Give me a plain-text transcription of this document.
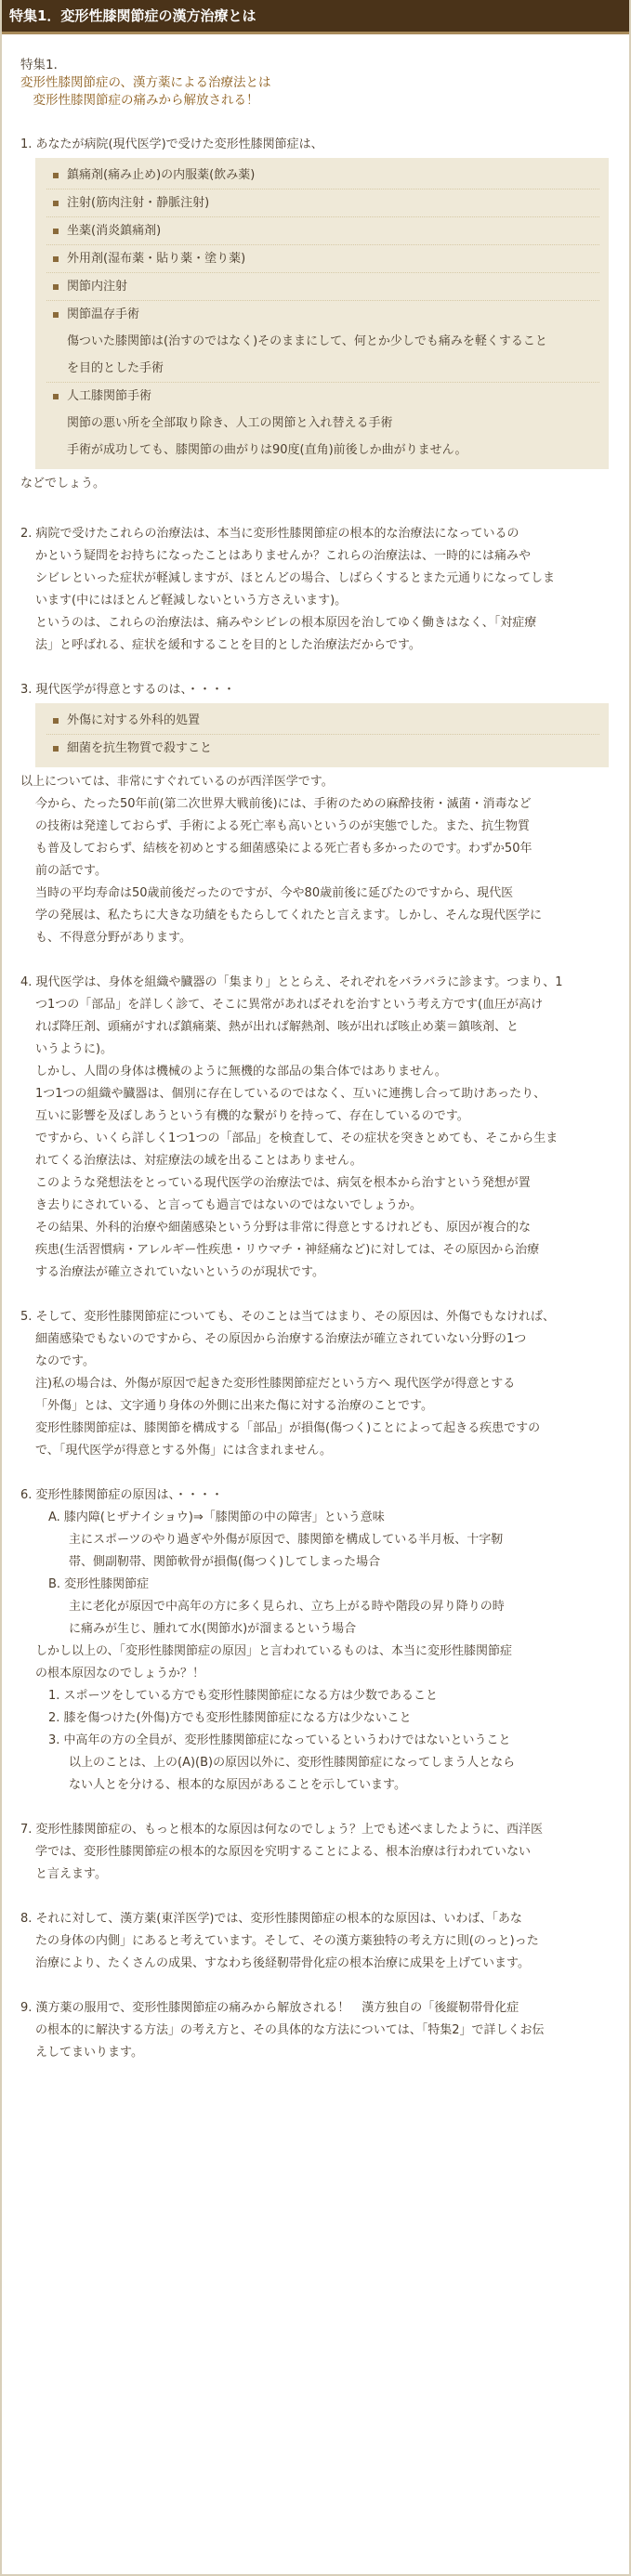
特集1．変形性膝関節症の漢方治療とは
特集1．
変形性膝関節症の、漢方薬による治療法とは
　変形性膝関節症の痛みから解放される！

1. あなたが病院(現代医学)で受けた変形性膝関節症は、

鎮痛剤(痛み止め)の内服薬(飲み薬)
注射(筋肉注射・静脈注射)
坐薬(消炎鎮痛剤)
外用剤(湿布薬・貼り薬・塗り薬)
関節内注射
関節温存手術
傷ついた膝関節は(治すのではなく)そのままにして、何とか少しでも痛みを軽くすること
を目的とした手術
人工膝関節手術
関節の悪い所を全部取り除き、人工の関節と入れ替える手術
手術が成功しても、膝関節の曲がりは90度(直角)前後しか曲がりません。

などでしょう。

2. 病院で受けたこれらの治療法は、本当に変形性膝関節症の根本的な治療法になっているの

かという疑問をお持ちになったことはありませんか？これらの治療法は、一時的には痛みや

シビレといった症状が軽減しますが、ほとんどの場合、しばらくするとまた元通りになってしま

います(中にはほとんど軽減しないという方さえいます)。

というのは、これらの治療法は、痛みやシビレの根本原因を治してゆく働きはなく、「対症療

法」と呼ばれる、症状を緩和することを目的とした治療法だからです。

3. 現代医学が得意とするのは、・・・・

外傷に対する外科的処置
細菌を抗生物質で殺すこと

以上については、非常にすぐれているのが西洋医学です。

今から、たった50年前(第二次世界大戦前後)には、手術のための麻酔技術・滅菌・消毒など

の技術は発達しておらず、手術による死亡率も高いというのが実態でした。また、抗生物質

も普及しておらず、結核を初めとする細菌感染による死亡者も多かったのです。わずか50年

前の話です。

当時の平均寿命は50歳前後だったのですが、今や80歳前後に延びたのですから、現代医

学の発展は、私たちに大きな功績をもたらしてくれたと言えます。しかし、そんな現代医学に

も、不得意分野があります。

4. 現代医学は、身体を組織や臓器の「集まり」ととらえ、それぞれをバラバラに診ます。つまり、1

つ1つの「部品」を詳しく診て、そこに異常があればそれを治すという考え方です(血圧が高け

れば降圧剤、頭痛がすれば鎮痛薬、熱が出れば解熱剤、咳が出れば咳止め薬＝鎮咳剤、と

いうように)。

しかし、人間の身体は機械のように無機的な部品の集合体ではありません。

1つ1つの組織や臓器は、個別に存在しているのではなく、互いに連携し合って助けあったり、

互いに影響を及ぼしあうという有機的な繋がりを持って、存在しているのです。

ですから、いくら詳しく1つ1つの「部品」を検査して、その症状を突きとめても、そこから生ま

れてくる治療法は、対症療法の域を出ることはありません。

このような発想法をとっている現代医学の治療法では、病気を根本から治すという発想が置

き去りにされている、と言っても過言ではないのではないでしょうか。

その結果、外科的治療や細菌感染という分野は非常に得意とするけれども、原因が複合的な

疾患(生活習慣病・アレルギー性疾患・リウマチ・神経痛など)に対しては、その原因から治療

する治療法が確立されていないというのが現状です。

5. そして、変形性膝関節症についても、そのことは当てはまり、その原因は、外傷でもなければ、

細菌感染でもないのですから、その原因から治療する治療法が確立されていない分野の1つ

なのです。

注)私の場合は、外傷が原因で起きた変形性膝関節症だという方へ 現代医学が得意とする

「外傷」とは、文字通り身体の外側に出来た傷に対する治療のことです。

変形性膝関節症は、膝関節を構成する「部品」が損傷(傷つく)ことによって起きる疾患ですの

で、「現代医学が得意とする外傷」には含まれません。

6. 変形性膝関節症の原因は、・・・・

A. 膝内障(ヒザナイショウ)⇒「膝関節の中の障害」という意味

主にスポーツのやり過ぎや外傷が原因で、膝関節を構成している半月板、十字靭

帯、側副靭帯、関節軟骨が損傷(傷つく)してしまった場合

B. 変形性膝関節症

主に老化が原因で中高年の方に多く見られ、立ち上がる時や階段の昇り降りの時

に痛みが生じ、腫れて水(関節水)が溜まるという場合

しかし以上の、「変形性膝関節症の原因」と言われているものは、本当に変形性膝関節症

の根本原因なのでしょうか？！

1. スポーツをしている方でも変形性膝関節症になる方は少数であること

2. 膝を傷つけた(外傷)方でも変形性膝関節症になる方は少ないこと

3. 中高年の方の全員が、変形性膝関節症になっているというわけではないということ

以上のことは、上の(A)(B)の原因以外に、変形性膝関節症になってしまう人となら

ない人とを分ける、根本的な原因があることを示しています。

7. 変形性膝関節症の、もっと根本的な原因は何なのでしょう？上でも述べましたように、西洋医

学では、変形性膝関節症の根本的な原因を究明することによる、根本治療は行われていない

と言えます。

8. それに対して、漢方薬(東洋医学)では、変形性膝関節症の根本的な原因は、いわば、「あな

たの身体の内側」にあると考えています。そして、その漢方薬独特の考え方に則(のっと)った

治療により、たくさんの成果、すなわち後経靭帯骨化症の根本治療に成果を上げています。

9. 漢方薬の服用で、変形性膝関節症の痛みから解放される！　漢方独自の「後縦靭帯骨化症

の根本的に解決する方法」の考え方と、その具体的な方法については、「特集2」で詳しくお伝

えしてまいります。
